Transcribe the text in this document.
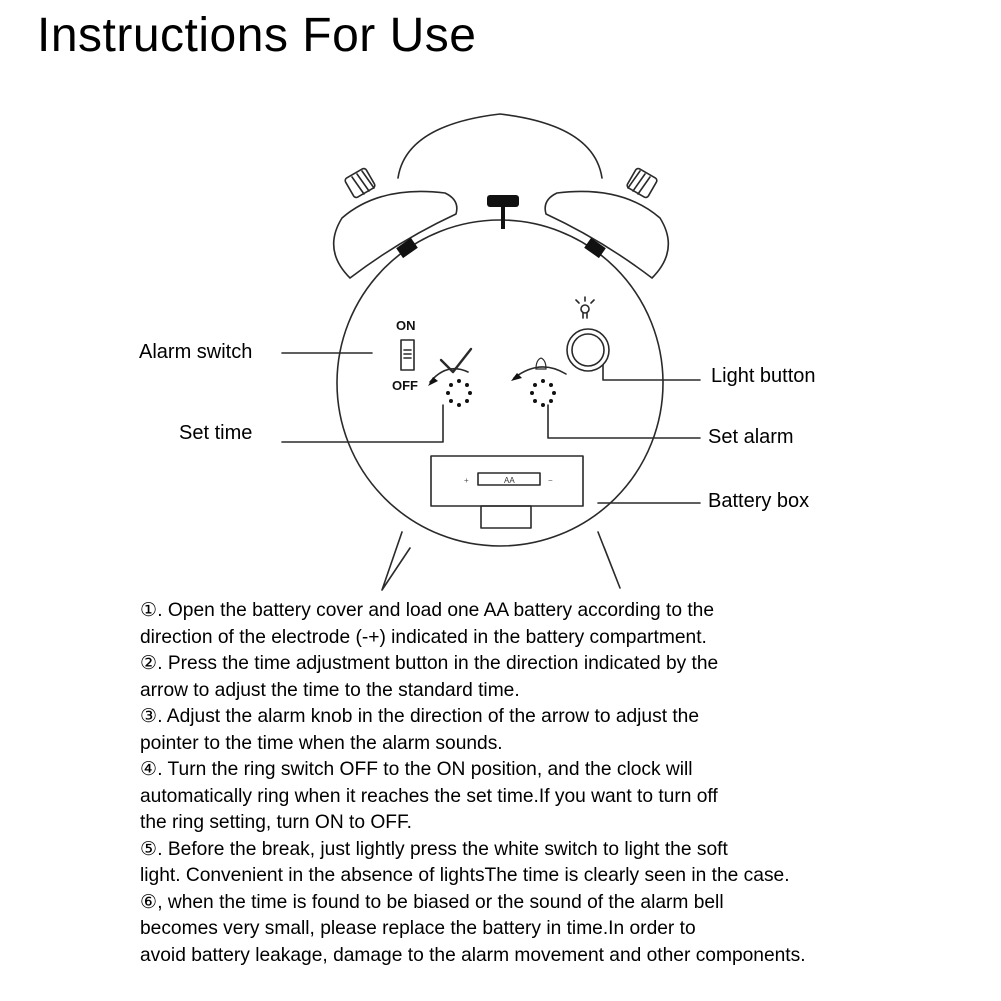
Instructions For Use
ON
OFF
AA
+	−
Alarm switch
Set time
Light button
Set alarm
Battery box

①. Open the battery cover and load one AA battery according to the
direction of the electrode (-+) indicated in the battery compartment.

②. Press the time adjustment button in the direction indicated by the
arrow to adjust the time to the standard time.

③. Adjust the alarm knob in the direction of the arrow to adjust the
pointer to the time when the alarm sounds.

④. Turn the ring switch OFF to the ON position, and the clock will
automatically ring when it reaches the set time.If you want to turn off
the ring setting, turn ON to OFF.

⑤. Before the break, just lightly press the white switch to light the soft
light. Convenient in the absence of lightsThe time is clearly seen in the case.

⑥, when the time is found to be biased or the sound of the alarm bell
becomes very small, please replace the battery in time.In order to
avoid battery leakage, damage to the alarm movement and other components.
